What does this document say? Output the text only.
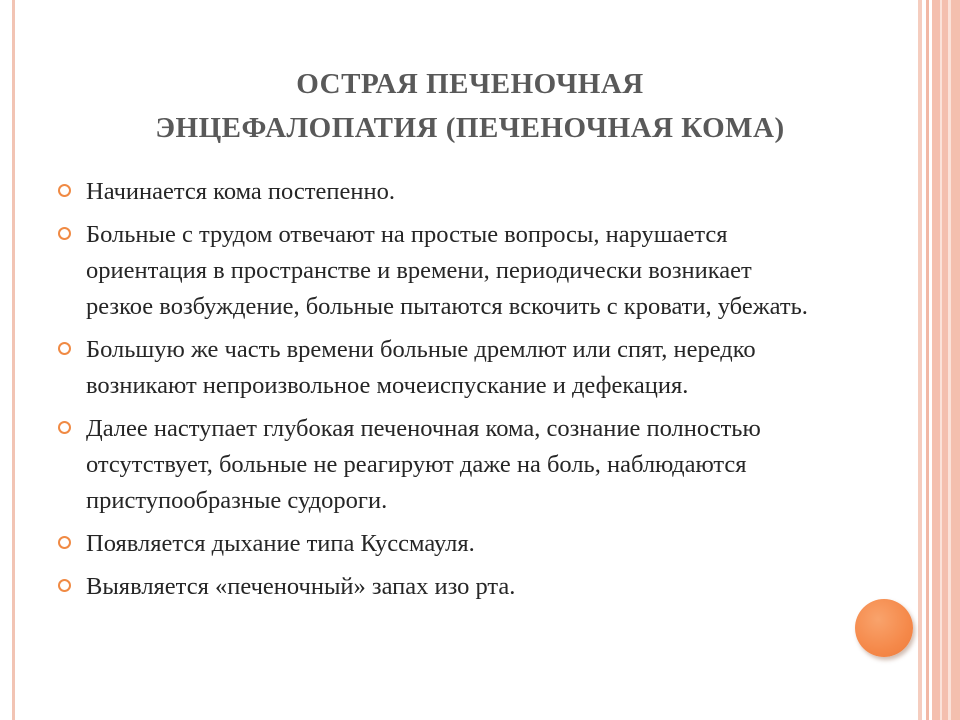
ОСТРАЯ ПЕЧЕНОЧНАЯ
ЭНЦЕФАЛОПАТИЯ (ПЕЧЕНОЧНАЯ КОМА)
Начинается кома постепенно.
Больные с трудом отвечают на простые вопросы, нарушается ориентация в пространстве и времени, периодически возникает резкое возбуждение, больные пытаются вскочить с кровати, убежать.
Большую же часть времени больные дремлют или спят, нередко возникают непроизвольное мочеиспускание и дефекация.
Далее наступает глубокая печеночная кома, сознание полностью отсутствует, больные не реагируют даже на боль, наблюдаются приступообразные судороги.
Появляется дыхание типа Куссмауля.
Выявляется «печеночный» запах изо рта.
